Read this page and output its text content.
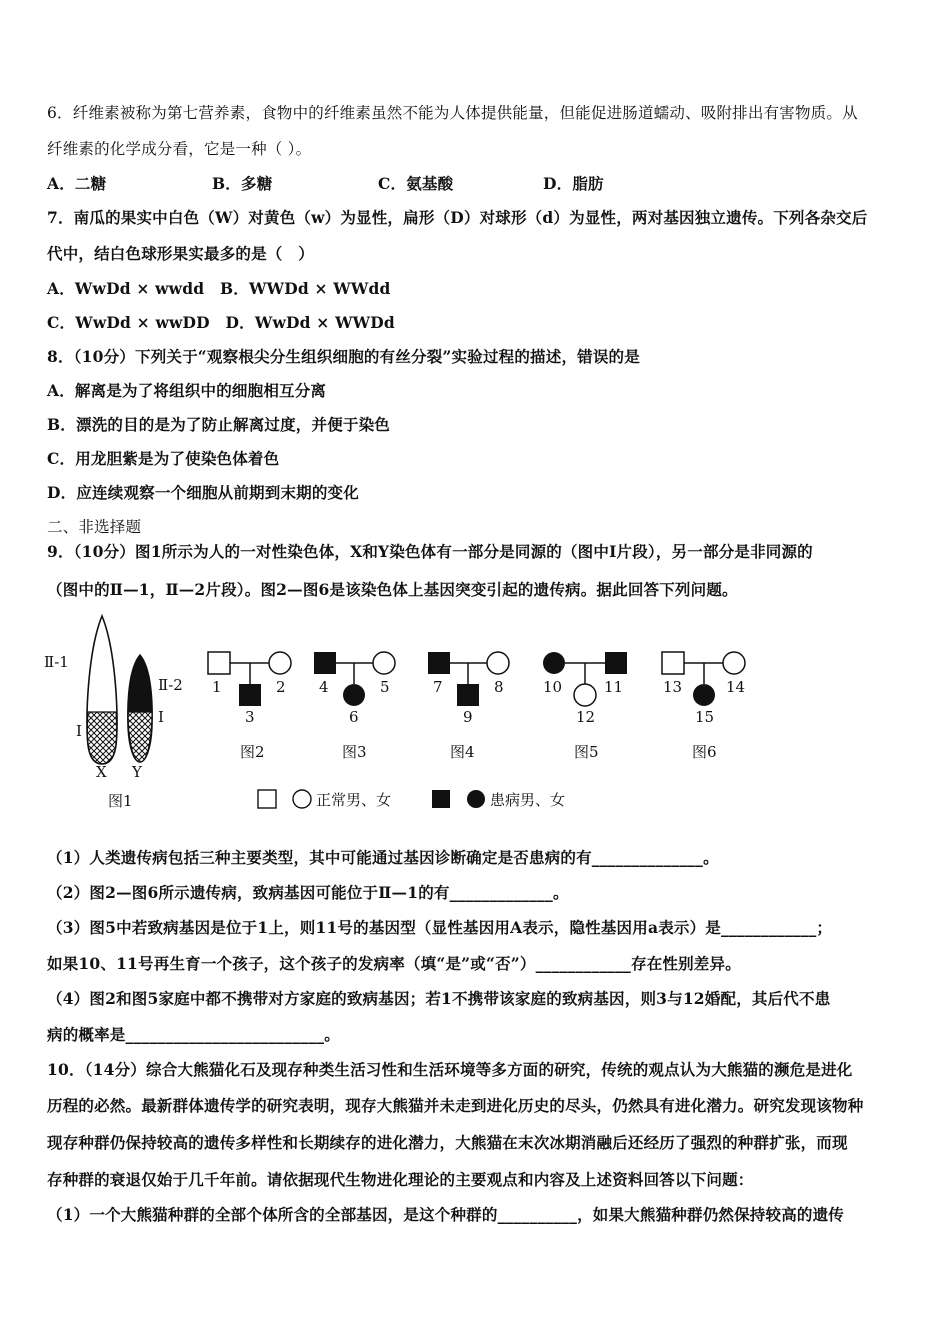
6．纤维素被称为第七营养素，食物中的纤维素虽然不能为人体提供能量，但能促进肠道蠕动、吸附排出有害物质。从
纤维素的化学成分看，它是一种（ ）。
A．二糖	B．多糖	C．氨基酸	D．脂肪
7．南瓜的果实中白色（W）对黄色（w）为显性，扁形（D）对球形（d）为显性，两对基因独立遗传。下列各杂交后
代中，结白色球形果实最多的是（　）
A．WwDd × wwdd　B．WWDd × WWdd
C．WwDd × wwDD　D．WwDd × WWDd
8．（10分）下列关于“观察根尖分生组织细胞的有丝分裂”实验过程的描述，错误的是
A．解离是为了将组织中的细胞相互分离
B．漂洗的目的是为了防止解离过度，并便于染色
C．用龙胆紫是为了使染色体着色
D．应连续观察一个细胞从前期到末期的变化
二、非选择题
9．（10分）图1所示为人的一对性染色体，X和Y染色体有一部分是同源的（图中Ⅰ片段），另一部分是非同源的
（图中的Ⅱ—1，Ⅱ—2片段）。图2—图6是该染色体上基因突变引起的遗传病。据此回答下列问题。
Ⅱ-1
Ⅱ-2
Ⅰ
Ⅰ
X Y
图1
1	2
3
图2
4	5
6
图3
7	8
9
图4
10	11
12
图5
13	14
15
图6
正常男、女	患病男、女
（1）人类遗传病包括三种主要类型，其中可能通过基因诊断确定是否患病的有______________。
（2）图2—图6所示遗传病，致病基因可能位于Ⅱ—1的有_____________。
（3）图5中若致病基因是位于1上，则11号的基因型（显性基因用A表示，隐性基因用a表示）是____________；
如果10、11号再生育一个孩子，这个孩子的发病率（填“是”或“否”）____________存在性别差异。
（4）图2和图5家庭中都不携带对方家庭的致病基因；若1不携带该家庭的致病基因，则3与12婚配，其后代不患
病的概率是_________________________。
10．（14分）综合大熊猫化石及现存种类生活习性和生活环境等多方面的研究，传统的观点认为大熊猫的濒危是进化
历程的必然。最新群体遗传学的研究表明，现存大熊猫并未走到进化历史的尽头，仍然具有进化潜力。研究发现该物种
现存种群仍保持较高的遗传多样性和长期续存的进化潜力，大熊猫在末次冰期消融后还经历了强烈的种群扩张，而现
存种群的衰退仅始于几千年前。请依据现代生物进化理论的主要观点和内容及上述资料回答以下问题：
（1）一个大熊猫种群的全部个体所含的全部基因，是这个种群的__________，如果大熊猫种群仍然保持较高的遗传
